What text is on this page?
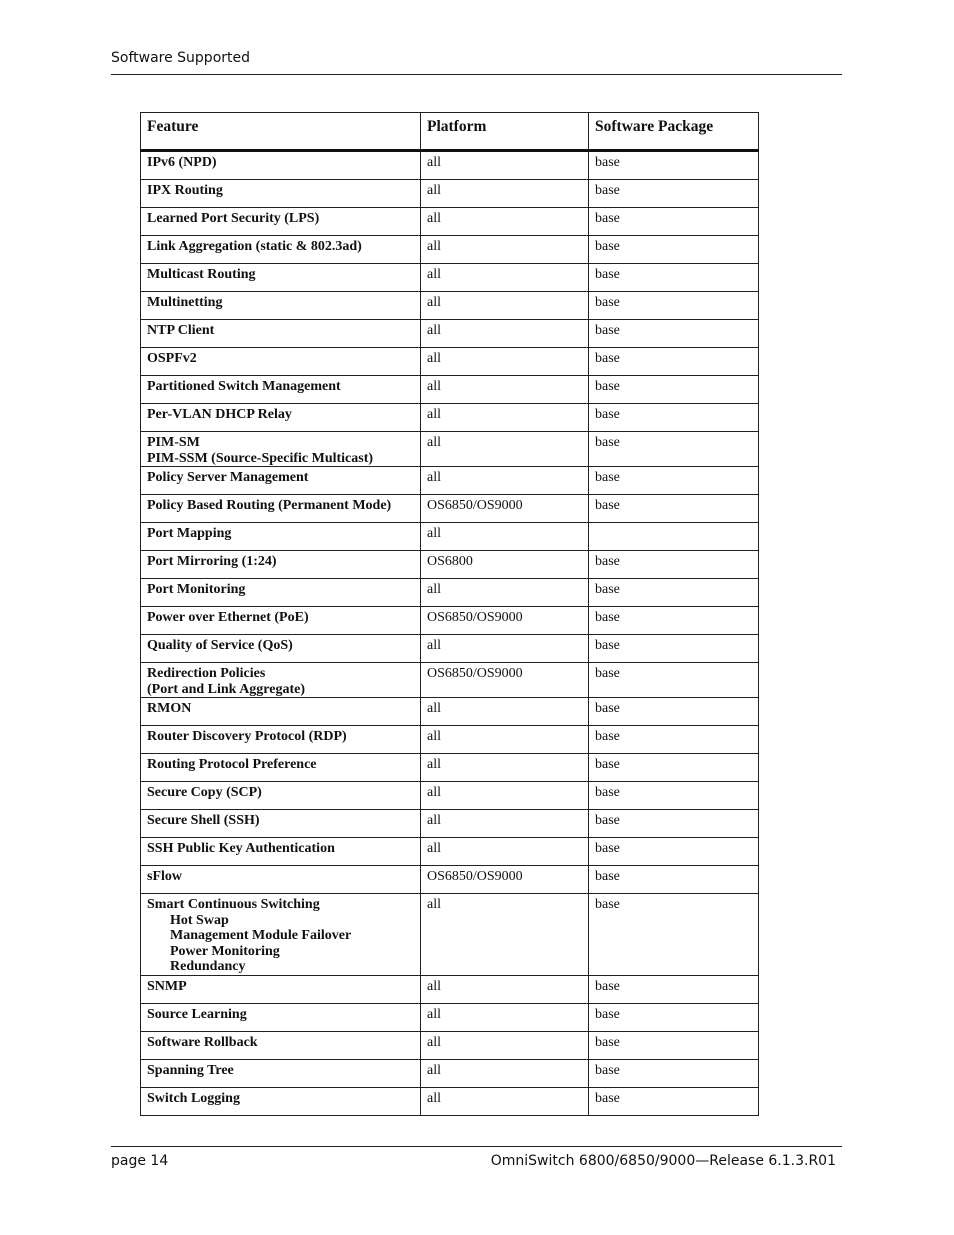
Software Supported
Feature	Platform	Software Package
IPv6 (NPD)	all	base
IPX Routing	all	base
Learned Port Security (LPS)	all	base
Link Aggregation (static & 802.3ad)	all	base
Multicast Routing	all	base
Multinetting	all	base
NTP Client	all	base
OSPFv2	all	base
Partitioned Switch Management	all	base
Per-VLAN DHCP Relay	all	base
PIM-SM
PIM-SSM (Source-Specific Multicast)	all	base
Policy Server Management	all	base
Policy Based Routing (Permanent Mode)	OS6850/OS9000	base
Port Mapping	all	
Port Mirroring (1:24)	OS6800	base
Port Monitoring	all	base
Power over Ethernet (PoE)	OS6850/OS9000	base
Quality of Service (QoS)	all	base
Redirection Policies
(Port and Link Aggregate)	OS6850/OS9000	base
RMON	all	base
Router Discovery Protocol (RDP)	all	base
Routing Protocol Preference	all	base
Secure Copy (SCP)	all	base
Secure Shell (SSH)	all	base
SSH Public Key Authentication	all	base
sFlow	OS6850/OS9000	base
Smart Continuous Switching
Hot Swap
Management Module Failover
Power Monitoring
Redundancy	all	base
SNMP	all	base
Source Learning	all	base
Software Rollback	all	base
Spanning Tree	all	base
Switch Logging	all	base
page 14	OmniSwitch 6800/6850/9000—Release 6.1.3.R01
